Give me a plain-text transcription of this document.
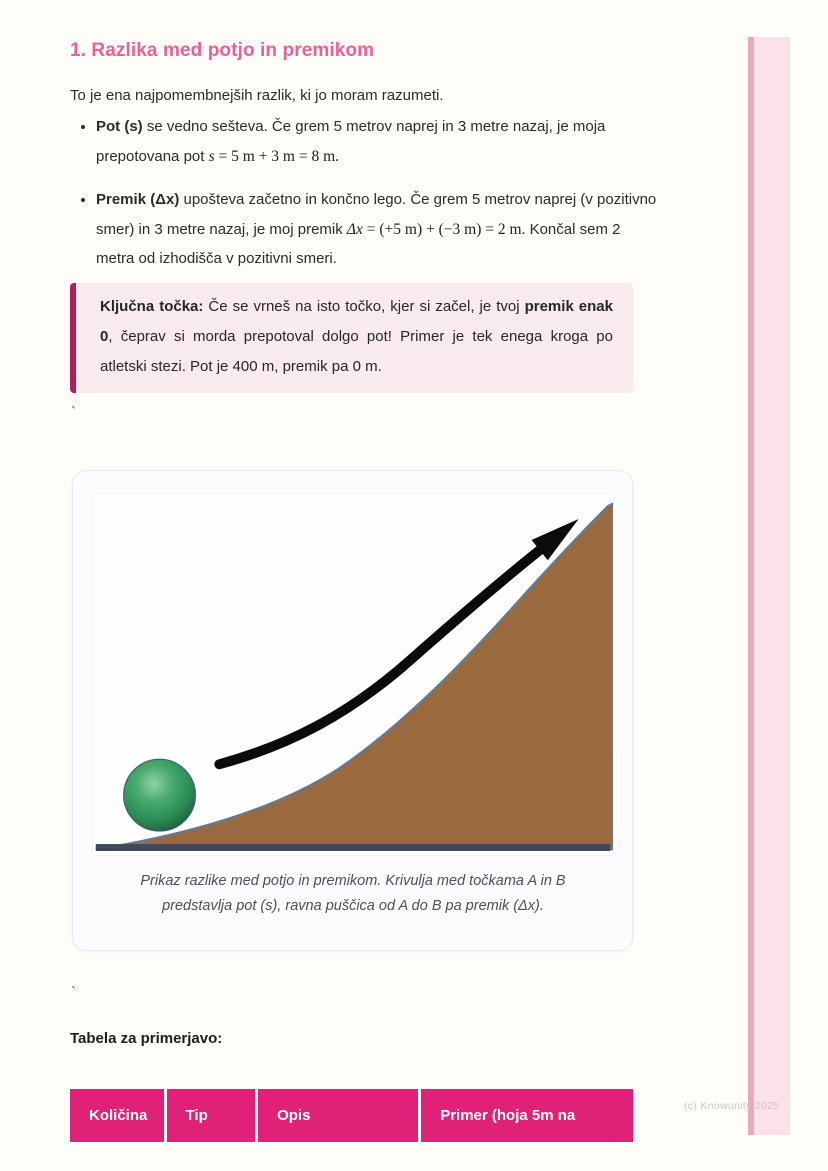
1. Razlika med potjo in premikom

To je ena najpomembnejših razlik, ki jo moram razumeti.

• Pot (s) se vedno sešteva. Če grem 5 metrov naprej in 3 metre nazaj, je moja prepotovana pot s = 5 m + 3 m = 8 m.
• Premik (Δx) upošteva začetno in končno lego. Če grem 5 metrov naprej (v pozitivno smer) in 3 metre nazaj, je moj premik Δx = (+5 m) + (−3 m) = 2 m. Končal sem 2 metra od izhodišča v pozitivni smeri.
Ključna točka: Če se vrneš na isto točko, kjer si začel, je tvoj premik enak 0, čeprav si morda prepotoval dolgo pot! Primer je tek enega kroga po atletski stezi. Pot je 400 m, premik pa 0 m.
`
Prikaz razlike med potjo in premikom. Krivulja med točkama A in B predstavlja pot (s), ravna puščica od A do B pa premik (Δx).
`

Tabela za primerjavo:

Količina	Tip	Opis	Primer (hoja 5m na
(c) Knowunity 2025
